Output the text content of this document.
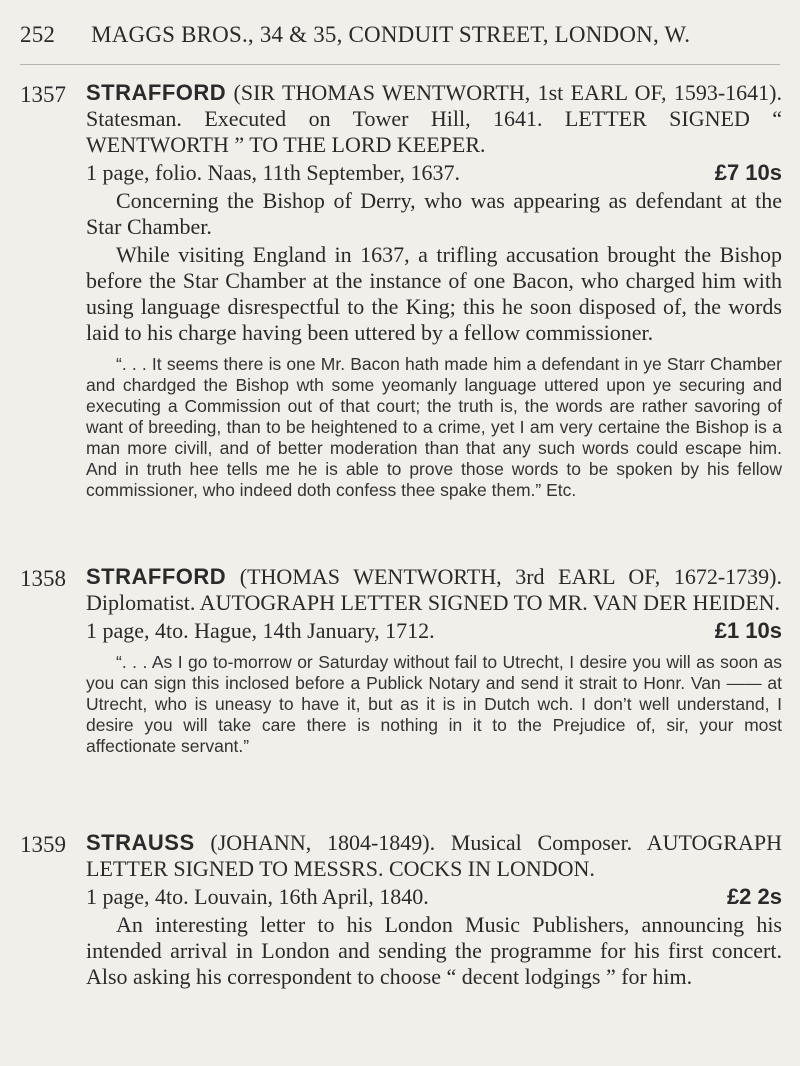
252 MAGGS BROS., 34 & 35, CONDUIT STREET, LONDON, W.
1357 STRAFFORD (SIR THOMAS WENTWORTH, 1st EARL OF, 1593-1641). Statesman. Executed on Tower Hill, 1641. LETTER SIGNED “ WENTWORTH ” TO THE LORD KEEPER.

1 page, folio. Naas, 11th September, 1637.	£7 10s

Concerning the Bishop of Derry, who was appearing as defendant at the Star Chamber.

While visiting England in 1637, a trifling accusation brought the Bishop before the Star Chamber at the instance of one Bacon, who charged him with using language disrespectful to the King; this he soon disposed of, the words laid to his charge having been uttered by a fellow commissioner.

“. . . It seems there is one Mr. Bacon hath made him a defendant in ye Starr Chamber and chardged the Bishop wth some yeomanly language uttered upon ye securing and executing a Commission out of that court; the truth is, the words are rather savoring of want of breeding, than to be heightened to a crime, yet I am very certaine the Bishop is a man more civill, and of better moderation than that any such words could escape him. And in truth hee tells me he is able to prove those words to be spoken by his fellow commissioner, who indeed doth confess thee spake them.” Etc.

1358 STRAFFORD (THOMAS WENTWORTH, 3rd EARL OF, 1672-1739). Diplomatist. AUTOGRAPH LETTER SIGNED TO MR. VAN DER HEIDEN.

1 page, 4to. Hague, 14th January, 1712.	£1 10s

“. . . As I go to-morrow or Saturday without fail to Utrecht, I desire you will as soon as you can sign this inclosed before a Publick Notary and send it strait to Honr. Van —— at Utrecht, who is uneasy to have it, but as it is in Dutch wch. I don’t well understand, I desire you will take care there is nothing in it to the Prejudice of, sir, your most affectionate servant.”

1359 STRAUSS (JOHANN, 1804-1849). Musical Composer. AUTOGRAPH LETTER SIGNED TO MESSRS. COCKS IN LONDON.

1 page, 4to. Louvain, 16th April, 1840.	£2 2s

An interesting letter to his London Music Publishers, announcing his intended arrival in London and sending the programme for his first concert. Also asking his correspondent to choose “ decent lodgings ” for him.
